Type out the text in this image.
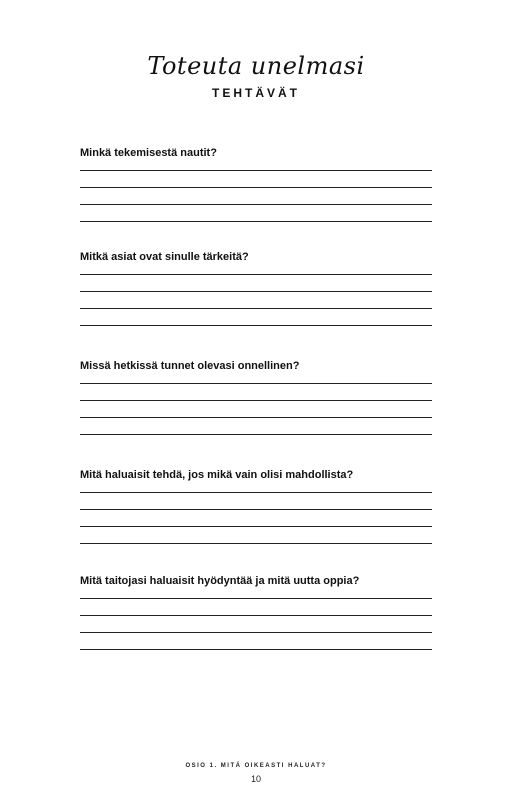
Toteuta unelmasi
TEHTÄVÄT

Minkä tekemisestä nautit?

Mitkä asiat ovat sinulle tärkeitä?

Missä hetkissä tunnet olevasi onnellinen?

Mitä haluaisit tehdä, jos mikä vain olisi mahdollista?

Mitä taitojasi haluaisit hyödyntää ja mitä uutta oppia?

OSIO 1. MITÄ OIKEASTI HALUAT?
10
